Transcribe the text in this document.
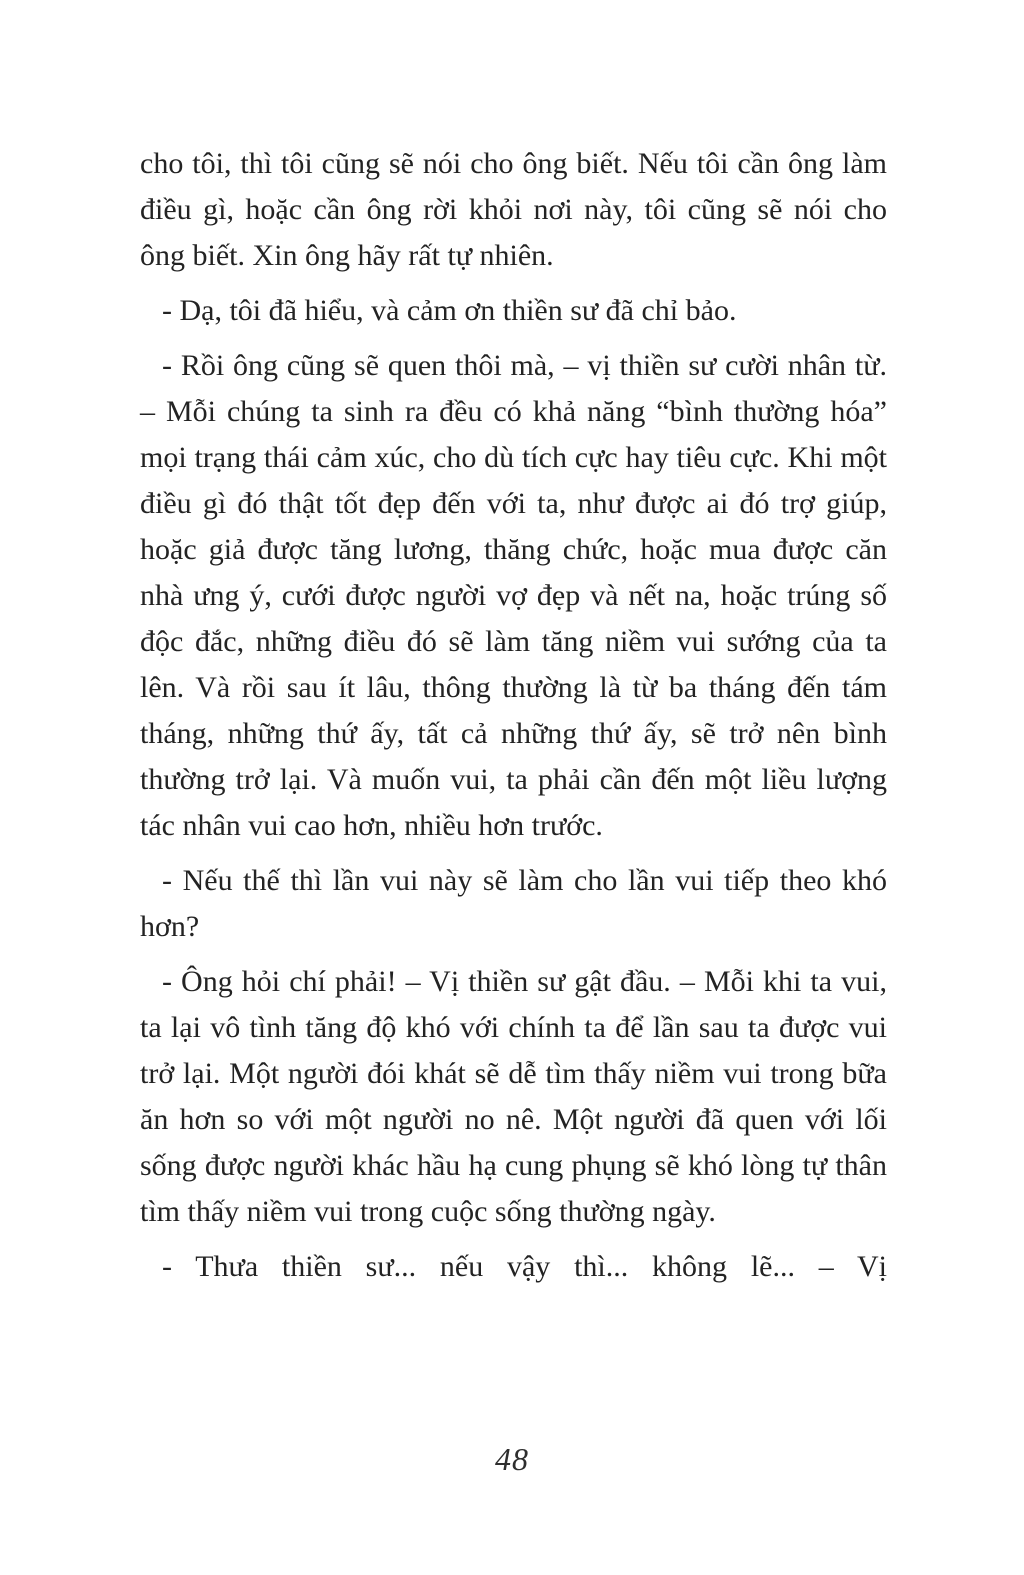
cho tôi, thì tôi cũng sẽ nói cho ông biết. Nếu tôi cần ông làm điều gì, hoặc cần ông rời khỏi nơi này, tôi cũng sẽ nói cho ông biết. Xin ông hãy rất tự nhiên.

- Dạ, tôi đã hiểu, và cảm ơn thiền sư đã chỉ bảo.

- Rồi ông cũng sẽ quen thôi mà, – vị thiền sư cười nhân từ. – Mỗi chúng ta sinh ra đều có khả năng “bình thường hóa” mọi trạng thái cảm xúc, cho dù tích cực hay tiêu cực. Khi một điều gì đó thật tốt đẹp đến với ta, như được ai đó trợ giúp, hoặc giả được tăng lương, thăng chức, hoặc mua được căn nhà ưng ý, cưới được người vợ đẹp và nết na, hoặc trúng số độc đắc, những điều đó sẽ làm tăng niềm vui sướng của ta lên. Và rồi sau ít lâu, thông thường là từ ba tháng đến tám tháng, những thứ ấy, tất cả những thứ ấy, sẽ trở nên bình thường trở lại. Và muốn vui, ta phải cần đến một liều lượng tác nhân vui cao hơn, nhiều hơn trước.

- Nếu thế thì lần vui này sẽ làm cho lần vui tiếp theo khó hơn?

- Ông hỏi chí phải! – Vị thiền sư gật đầu. – Mỗi khi ta vui, ta lại vô tình tăng độ khó với chính ta để lần sau ta được vui trở lại. Một người đói khát sẽ dễ tìm thấy niềm vui trong bữa ăn hơn so với một người no nê. Một người đã quen với lối sống được người khác hầu hạ cung phụng sẽ khó lòng tự thân tìm thấy niềm vui trong cuộc sống thường ngày.

- Thưa thiền sư... nếu vậy thì... không lẽ... – Vị

48
